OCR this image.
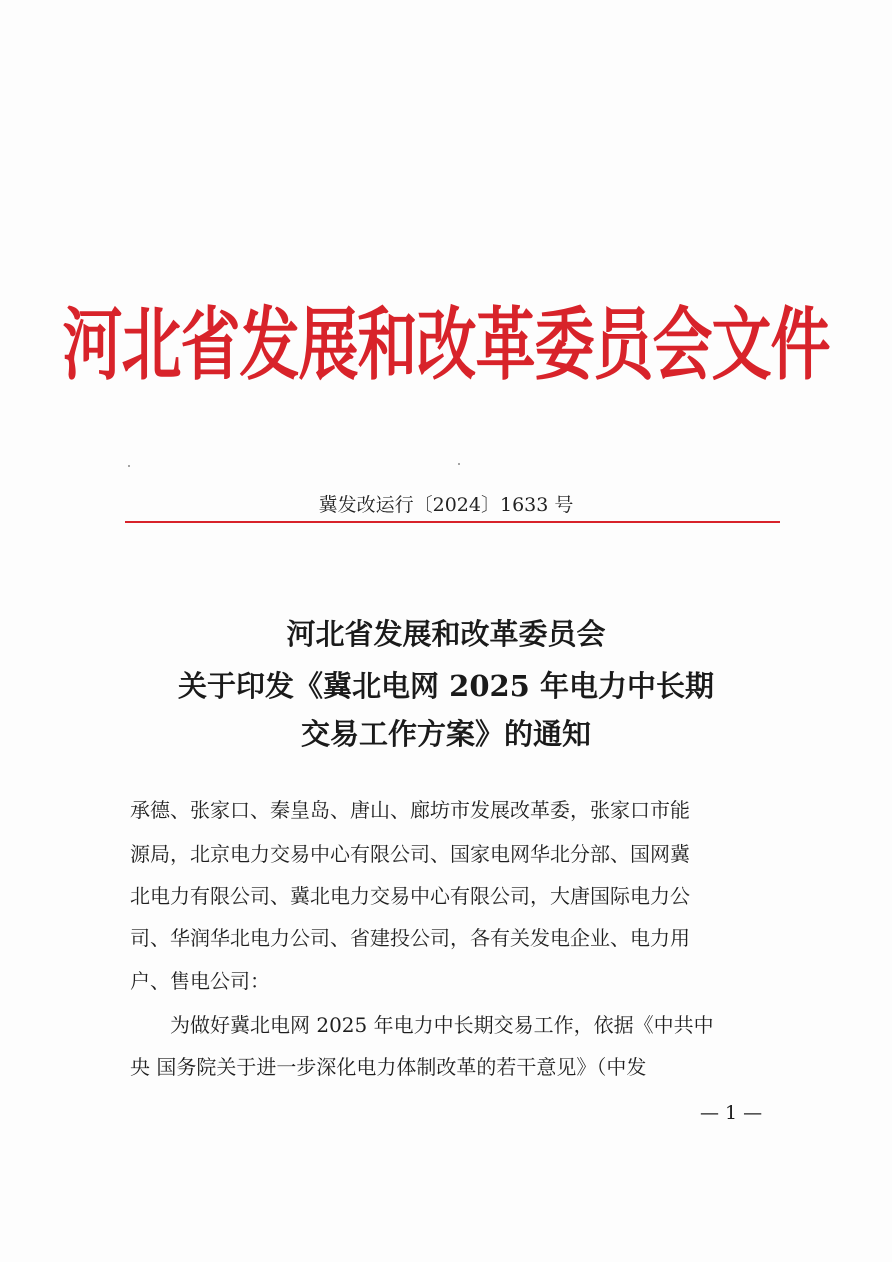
河北省发展和改革委员会文件
冀发改运行〔2024〕1633 号
河北省发展和改革委员会
关于印发《冀北电网 2025 年电力中长期
交易工作方案》的通知
承德、张家口、秦皇岛、唐山、廊坊市发展改革委，张家口市能
源局，北京电力交易中心有限公司、国家电网华北分部、国网冀
北电力有限公司、冀北电力交易中心有限公司，大唐国际电力公
司、华润华北电力公司、省建投公司，各有关发电企业、电力用
户、售电公司：
　　为做好冀北电网 2025 年电力中长期交易工作，依据《中共中
央 国务院关于进一步深化电力体制改革的若干意见》（中发
— 1 —
